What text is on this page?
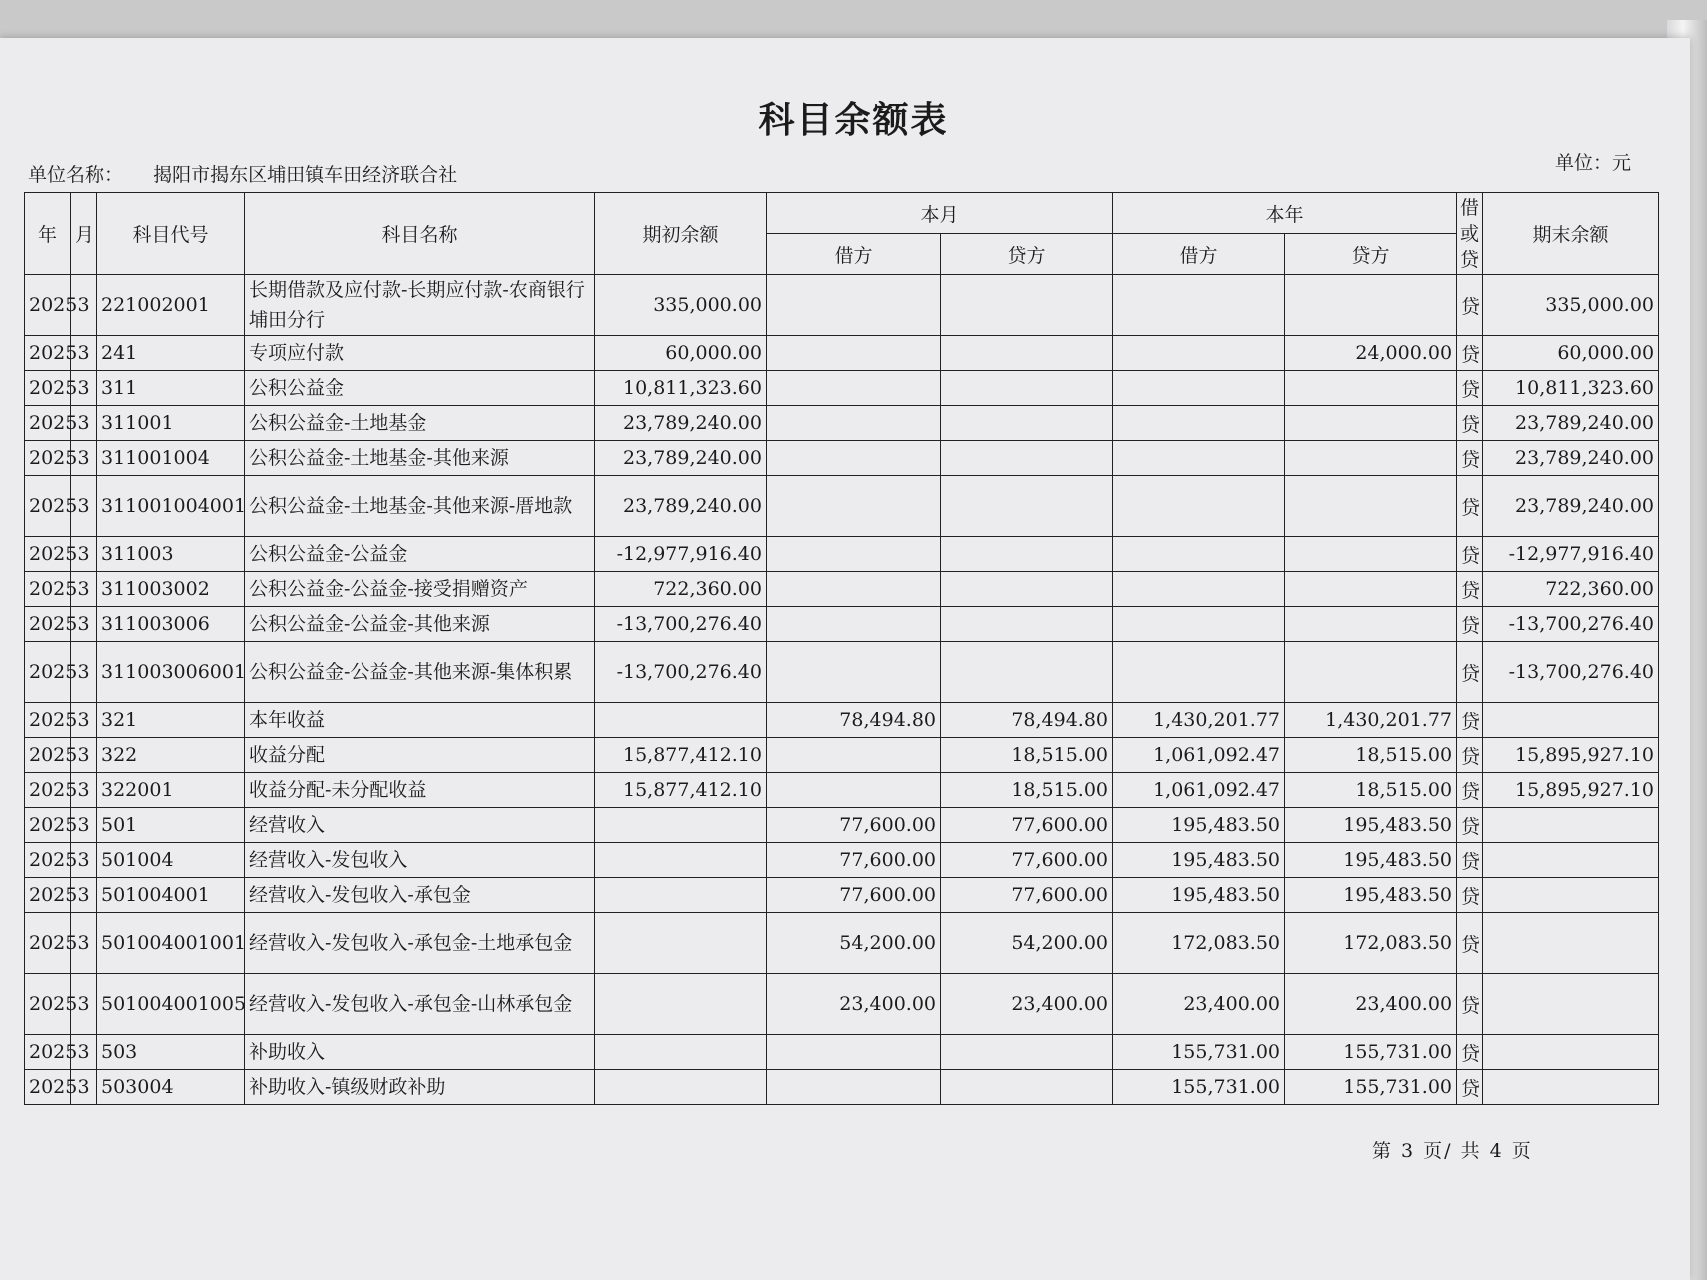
科目余额表
单位名称： 揭阳市揭东区埔田镇车田经济联合社
单位：元
年	月	科目代号	科目名称	期初余额	本月		本年		借或贷	期末余额
					借方	贷方	借方	贷方		
2025	3	221002001	长期借款及应付款-长期应付款-农商银行埔田分行	335,000.00					贷	335,000.00
2025	3	241	专项应付款	60,000.00				24,000.00	贷	60,000.00
2025	3	311	公积公益金	10,811,323.60					贷	10,811,323.60
2025	3	311001	公积公益金-土地基金	23,789,240.00					贷	23,789,240.00
2025	3	311001004	公积公益金-土地基金-其他来源	23,789,240.00					贷	23,789,240.00
2025	3	311001004001	公积公益金-土地基金-其他来源-厝地款	23,789,240.00					贷	23,789,240.00
2025	3	311003	公积公益金-公益金	-12,977,916.40					贷	-12,977,916.40
2025	3	311003002	公积公益金-公益金-接受捐赠资产	722,360.00					贷	722,360.00
2025	3	311003006	公积公益金-公益金-其他来源	-13,700,276.40					贷	-13,700,276.40
2025	3	311003006001	公积公益金-公益金-其他来源-集体积累	-13,700,276.40					贷	-13,700,276.40
2025	3	321	本年收益		78,494.80	78,494.80	1,430,201.77	1,430,201.77	贷	
2025	3	322	收益分配	15,877,412.10		18,515.00	1,061,092.47	18,515.00	贷	15,895,927.10
2025	3	322001	收益分配-未分配收益	15,877,412.10		18,515.00	1,061,092.47	18,515.00	贷	15,895,927.10
2025	3	501	经营收入		77,600.00	77,600.00	195,483.50	195,483.50	贷	
2025	3	501004	经营收入-发包收入		77,600.00	77,600.00	195,483.50	195,483.50	贷	
2025	3	501004001	经营收入-发包收入-承包金		77,600.00	77,600.00	195,483.50	195,483.50	贷	
2025	3	501004001001	经营收入-发包收入-承包金-土地承包金		54,200.00	54,200.00	172,083.50	172,083.50	贷	
2025	3	501004001005	经营收入-发包收入-承包金-山林承包金		23,400.00	23,400.00	23,400.00	23,400.00	贷	
2025	3	503	补助收入				155,731.00	155,731.00	贷	
2025	3	503004	补助收入-镇级财政补助				155,731.00	155,731.00	贷	
第 3 页/ 共 4 页
